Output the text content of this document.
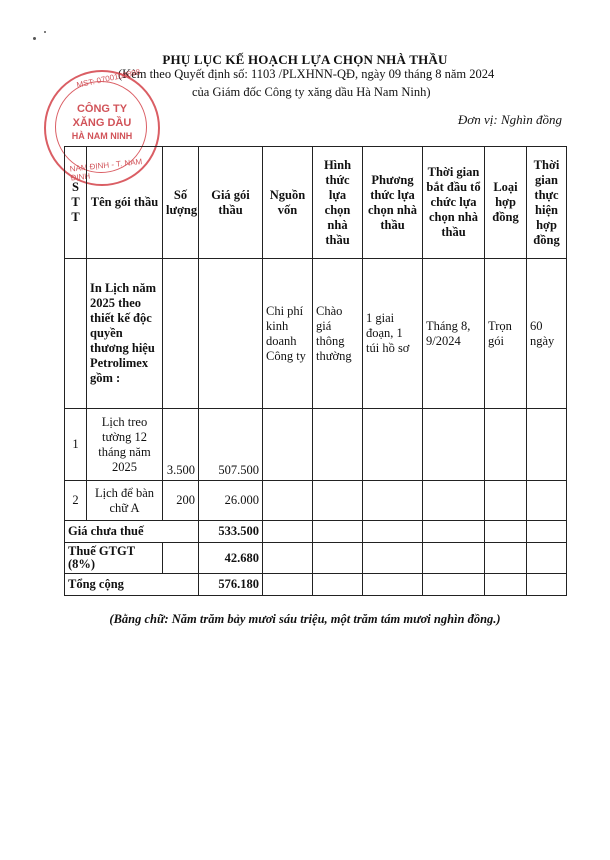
PHỤ LỤC KẾ HOẠCH LỰA CHỌN NHÀ THẦU
(Kèm theo Quyết định số: 1103 /PLXHNN-QĐ, ngày 09 tháng 8 năm 2024
của Giám đốc Công ty xăng dầu Hà Nam Ninh)
Đơn vị: Nghìn đồng
MST: 0700108898
CÔNG TY
XĂNG DẦU
HÀ NAM NINH
NAM ĐỊNH - T. NAM ĐỊNH
S T T	Tên gói thầu	Số lượng	Giá gói thầu	Nguồn vốn	Hình thức lựa chọn nhà thầu	Phương thức lựa chọn nhà thầu	Thời gian bắt đầu tổ chức lựa chọn nhà thầu	Loại hợp đồng	Thời gian thực hiện hợp đồng
	In Lịch năm 2025 theo thiết kế độc quyền thương hiệu Petrolimex gồm :			Chi phí kinh doanh Công ty	Chào giá thông thường	1 giai đoạn, 1 túi hồ sơ	Tháng 8, 9/2024	Trọn gói	60 ngày
1	Lịch treo tường 12 tháng năm 2025	3.500	507.500						
2	Lịch để bàn chữ A	200	26.000						
Giá chưa thuế			533.500						
Thuế GTGT (8%)			42.680						
Tổng cộng			576.180						
(Bằng chữ: Năm trăm bảy mươi sáu triệu, một trăm tám mươi nghìn đồng.)
